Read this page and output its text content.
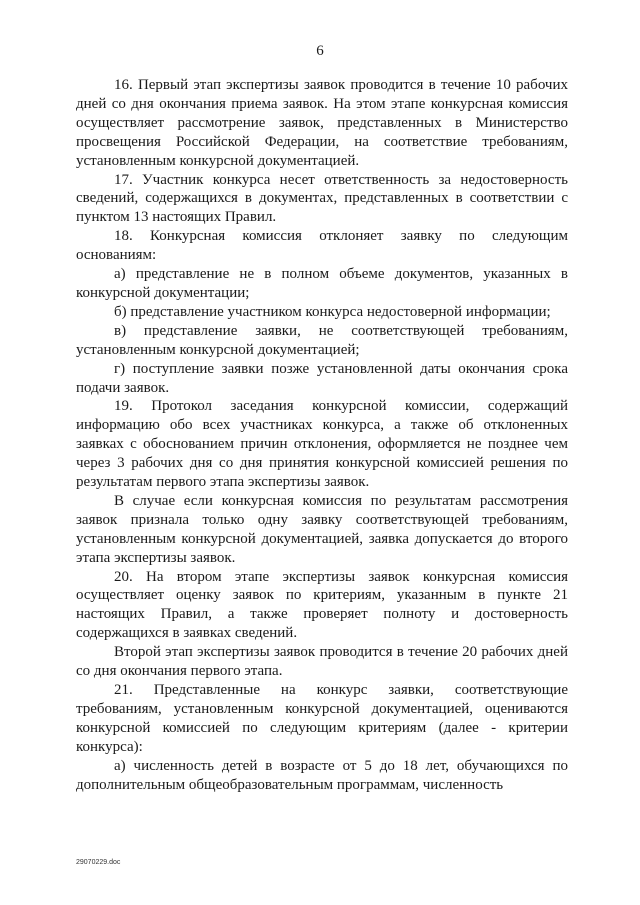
6

16. Первый этап экспертизы заявок проводится в течение 10 рабочих дней со дня окончания приема заявок. На этом этапе конкурсная комиссия осуществляет рассмотрение заявок, представленных в Министерство просвещения Российской Федерации, на соответствие требованиям, установленным конкурсной документацией.

17. Участник конкурса несет ответственность за недостоверность сведений, содержащихся в документах, представленных в соответствии с пунктом 13 настоящих Правил.

18. Конкурсная комиссия отклоняет заявку по следующим основаниям:

а) представление не в полном объеме документов, указанных в конкурсной документации;

б) представление участником конкурса недостоверной информации;

в) представление заявки, не соответствующей требованиям, установленным конкурсной документацией;

г) поступление заявки позже установленной даты окончания срока подачи заявок.

19. Протокол заседания конкурсной комиссии, содержащий информацию обо всех участниках конкурса, а также об отклоненных заявках с обоснованием причин отклонения, оформляется не позднее чем через 3 рабочих дня со дня принятия конкурсной комиссией решения по результатам первого этапа экспертизы заявок.

В случае если конкурсная комиссия по результатам рассмотрения заявок признала только одну заявку соответствующей требованиям, установленным конкурсной документацией, заявка допускается до второго этапа экспертизы заявок.

20. На втором этапе экспертизы заявок конкурсная комиссия осуществляет оценку заявок по критериям, указанным в пункте 21 настоящих Правил, а также проверяет полноту и достоверность содержащихся в заявках сведений.

Второй этап экспертизы заявок проводится в течение 20 рабочих дней со дня окончания первого этапа.

21. Представленные на конкурс заявки, соответствующие требованиям, установленным конкурсной документацией, оцениваются конкурсной комиссией по следующим критериям (далее - критерии конкурса):

а) численность детей в возрасте от 5 до 18 лет, обучающихся по дополнительным общеобразовательным программам, численность

29070229.doc
